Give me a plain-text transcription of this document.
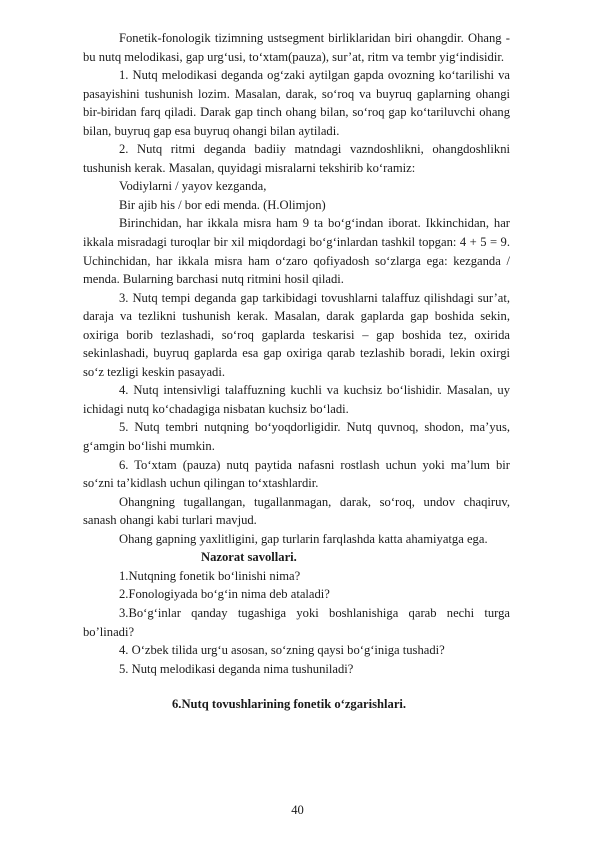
Fonetik-fonologik tizimning ustsegment birliklaridan biri ohangdir. Ohang - bu nutq melodikasi, gap urg‘usi, to‘xtam(pauza), sur’at, ritm va tembr yig‘indisidir.

1. Nutq melodikasi deganda og‘zaki aytilgan gapda ovozning ko‘tarilishi va pasayishini tushunish lozim. Masalan, darak, so‘roq va buyruq gaplarning ohangi bir-biridan farq qiladi. Darak gap tinch ohang bilan, so‘roq gap ko‘tariluvchi ohang bilan, buyruq gap esa buyruq ohangi bilan aytiladi.

2. Nutq ritmi deganda badiiy matndagi vazndoshlikni, ohangdoshlikni tushunish kerak. Masalan, quyidagi misralarni tekshirib ko‘ramiz:

Vodiylarni / yayov kezganda,

Bir ajib his / bor edi menda. (H.Olimjon)

Birinchidan, har ikkala misra ham 9 ta bo‘g‘indan iborat. Ikkinchidan, har ikkala misradagi turoqlar bir xil miqdordagi bo‘g‘inlardan tashkil topgan: 4 + 5 = 9. Uchinchidan, har ikkala misra ham o‘zaro qofiyadosh so‘zlarga ega: kezganda / menda. Bularning barchasi nutq ritmini hosil qiladi.

3. Nutq tempi deganda gap tarkibidagi tovushlarni talaffuz qilishdagi sur’at, daraja va tezlikni tushunish kerak. Masalan, darak gaplarda gap boshida sekin, oxiriga borib tezlashadi, so‘roq gaplarda teskarisi – gap boshida tez, oxirida sekinlashadi, buyruq gaplarda esa gap oxiriga qarab tezlashib boradi, lekin oxirgi so‘z tezligi keskin pasayadi.

4. Nutq intensivligi talaffuzning kuchli va kuchsiz bo‘lishidir. Masalan, uy ichidagi nutq ko‘chadagiga nisbatan kuchsiz bo‘ladi.

5. Nutq tembri nutqning bo‘yoqdorligidir. Nutq quvnoq, shodon, ma’yus, g‘amgin bo‘lishi mumkin.

6. To‘xtam (pauza) nutq paytida nafasni rostlash uchun yoki ma’lum bir so‘zni ta’kidlash uchun qilingan to‘xtashlardir.

Ohangning tugallangan, tugallanmagan, darak, so‘roq, undov chaqiruv, sanash ohangi kabi turlari mavjud.

Ohang gapning yaxlitligini, gap turlarin farqlashda katta ahamiyatga ega.

Nazorat savollari.

1.Nutqning fonetik bo‘linishi nima?

2.Fonologiyada bo‘g‘in nima deb ataladi?

3.Bo‘g‘inlar qanday tugashiga yoki boshlanishiga qarab nechi turga bo’linadi?

4. O‘zbek tilida urg‘u asosan, so‘zning qaysi bo‘g‘iniga tushadi?

5. Nutq melodikasi deganda nima tushuniladi?

6.Nutq tovushlarining fonetik o‘zgarishlari.
40
